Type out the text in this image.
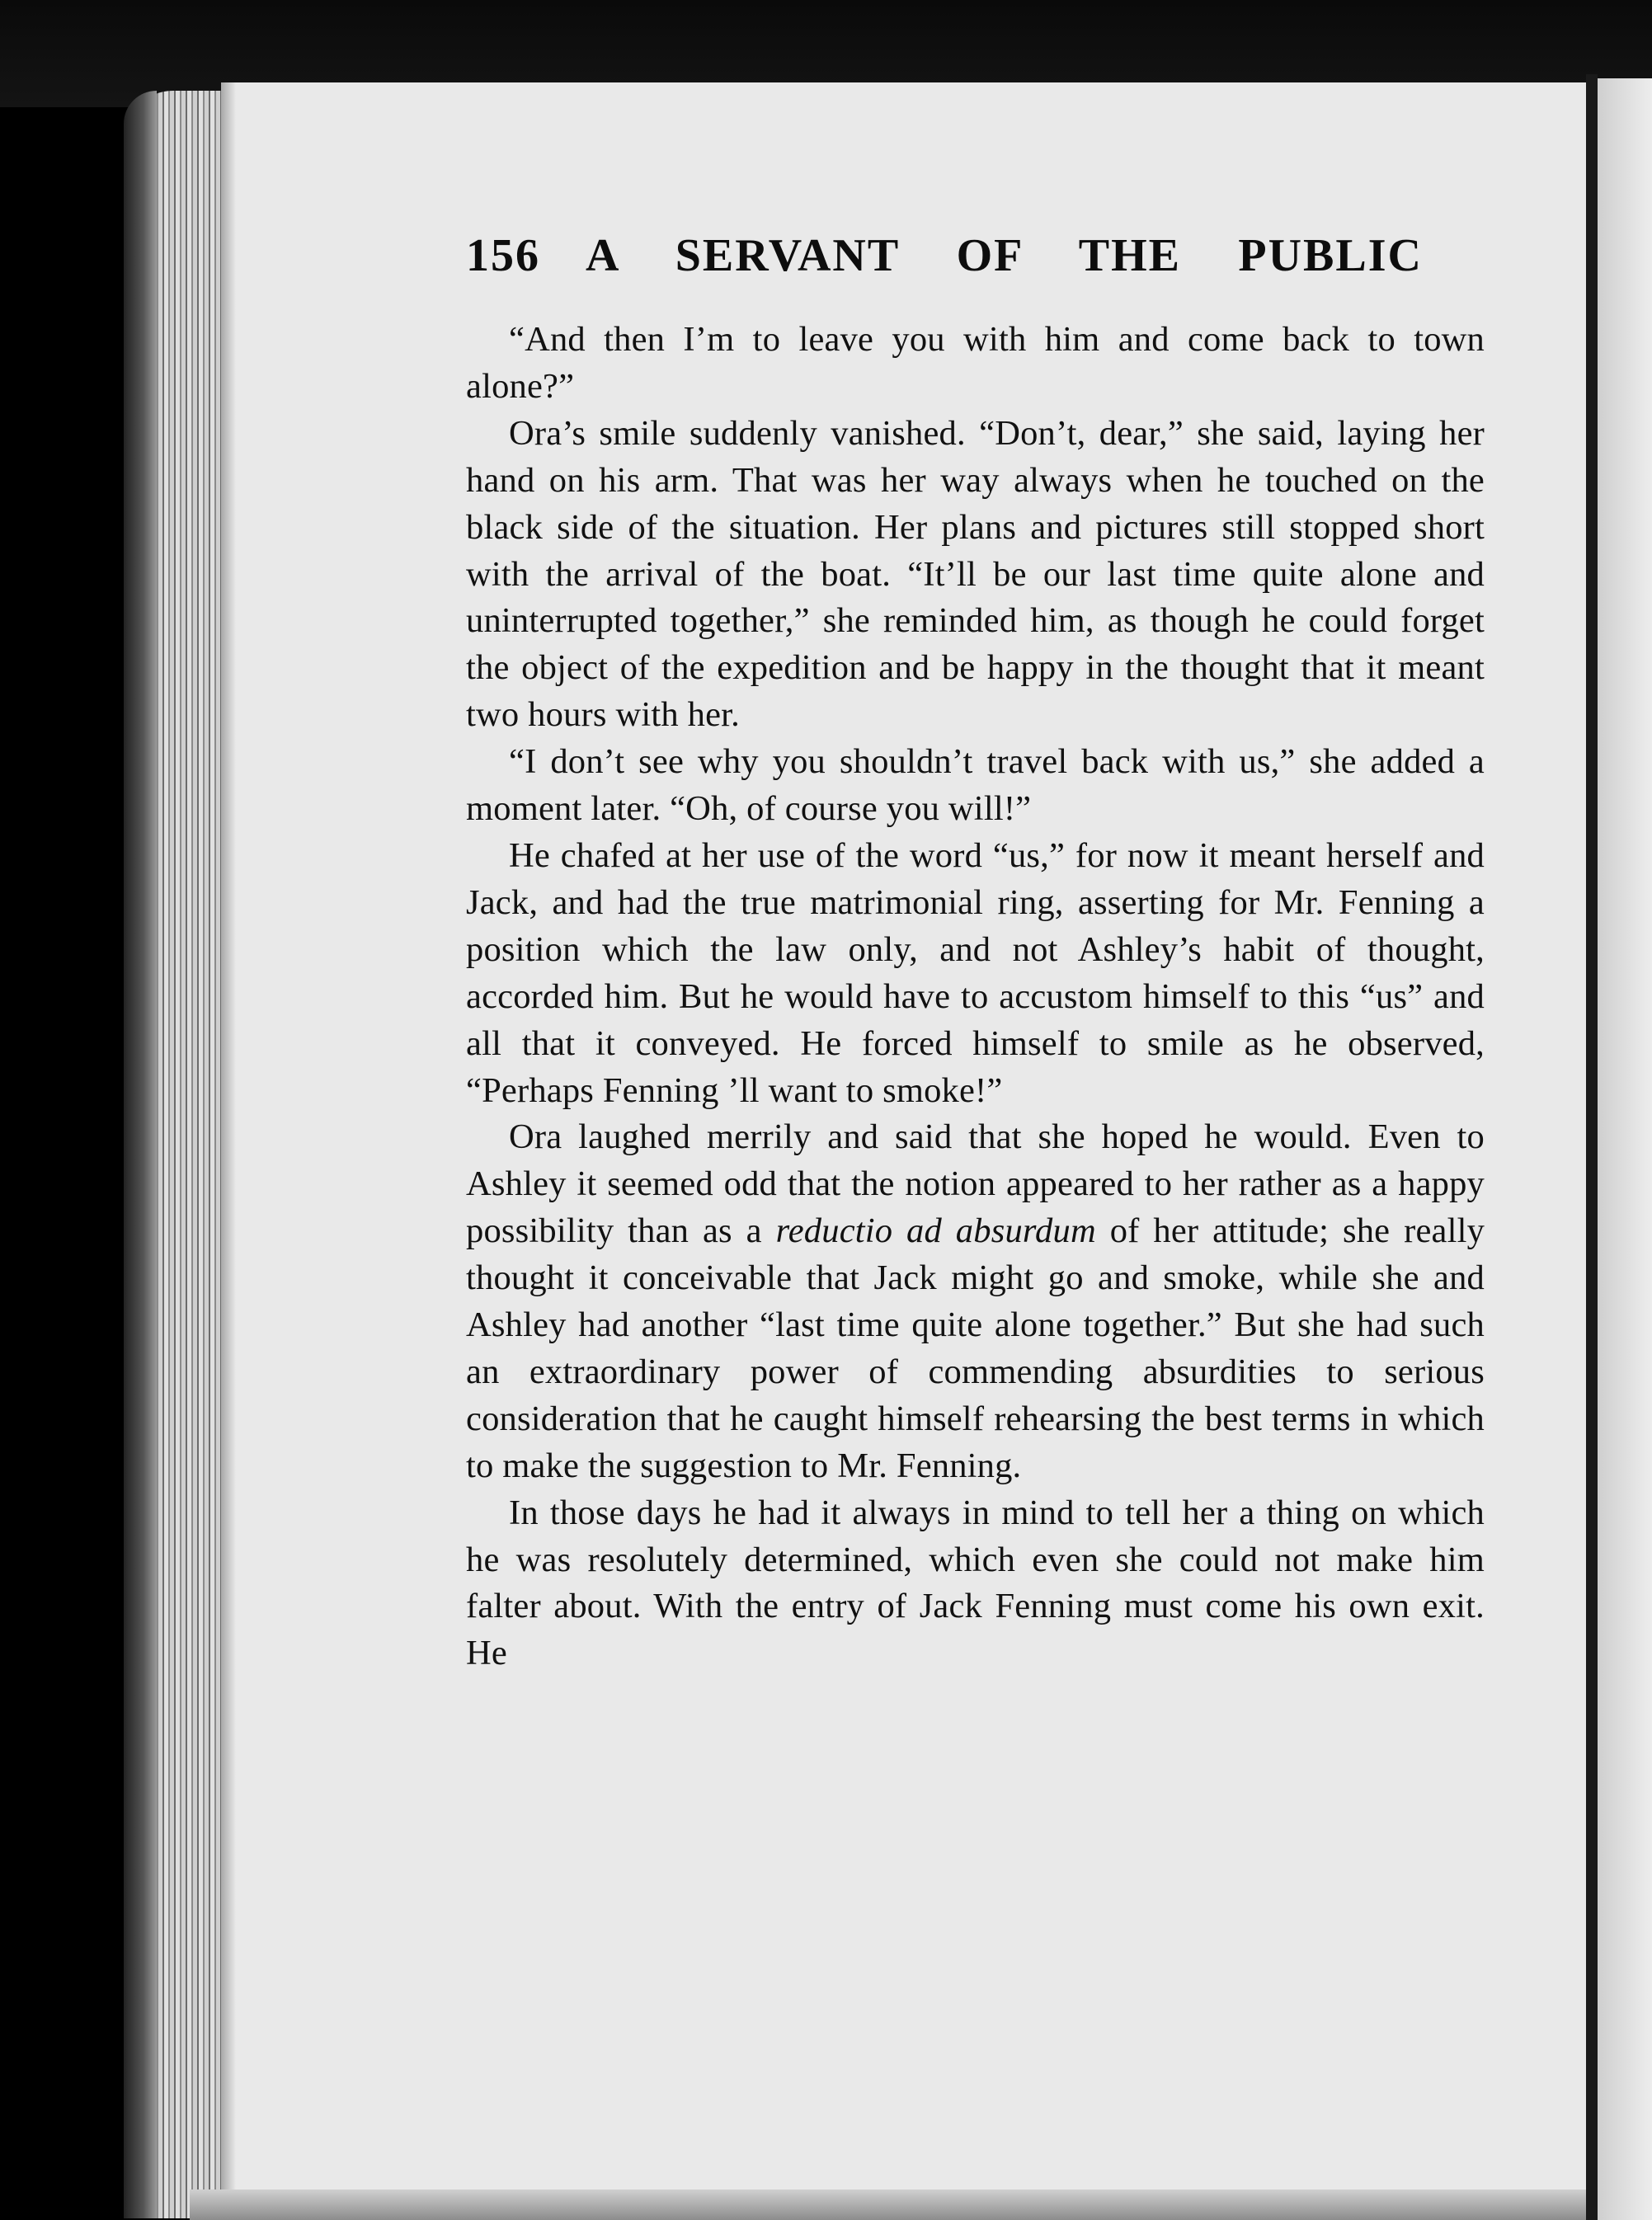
156 A SERVANT OF THE PUBLIC

“And then I’m to leave you with him and come back to town alone?”

Ora’s smile suddenly vanished. “Don’t, dear,” she said, laying her hand on his arm. That was her way always when he touched on the black side of the situation. Her plans and pictures still stopped short with the arrival of the boat. “It’ll be our last time quite alone and uninterrupted together,” she reminded him, as though he could forget the object of the expedition and be happy in the thought that it meant two hours with her.

“I don’t see why you shouldn’t travel back with us,” she added a moment later. “Oh, of course you will!”

He chafed at her use of the word “us,” for now it meant herself and Jack, and had the true matrimonial ring, asserting for Mr. Fenning a position which the law only, and not Ashley’s habit of thought, accorded him. But he would have to accustom himself to this “us” and all that it conveyed. He forced himself to smile as he observed, “Perhaps Fenning ’ll want to smoke!”

Ora laughed merrily and said that she hoped he would. Even to Ashley it seemed odd that the notion appeared to her rather as a happy possibility than as a reductio ad absurdum of her attitude; she really thought it conceivable that Jack might go and smoke, while she and Ashley had another “last time quite alone together.” But she had such an extraordinary power of commending absurdities to serious consideration that he caught himself rehearsing the best terms in which to make the suggestion to Mr. Fenning.

In those days he had it always in mind to tell her a thing on which he was resolutely determined, which even she could not make him falter about. With the entry of Jack Fenning must come his own exit. He
